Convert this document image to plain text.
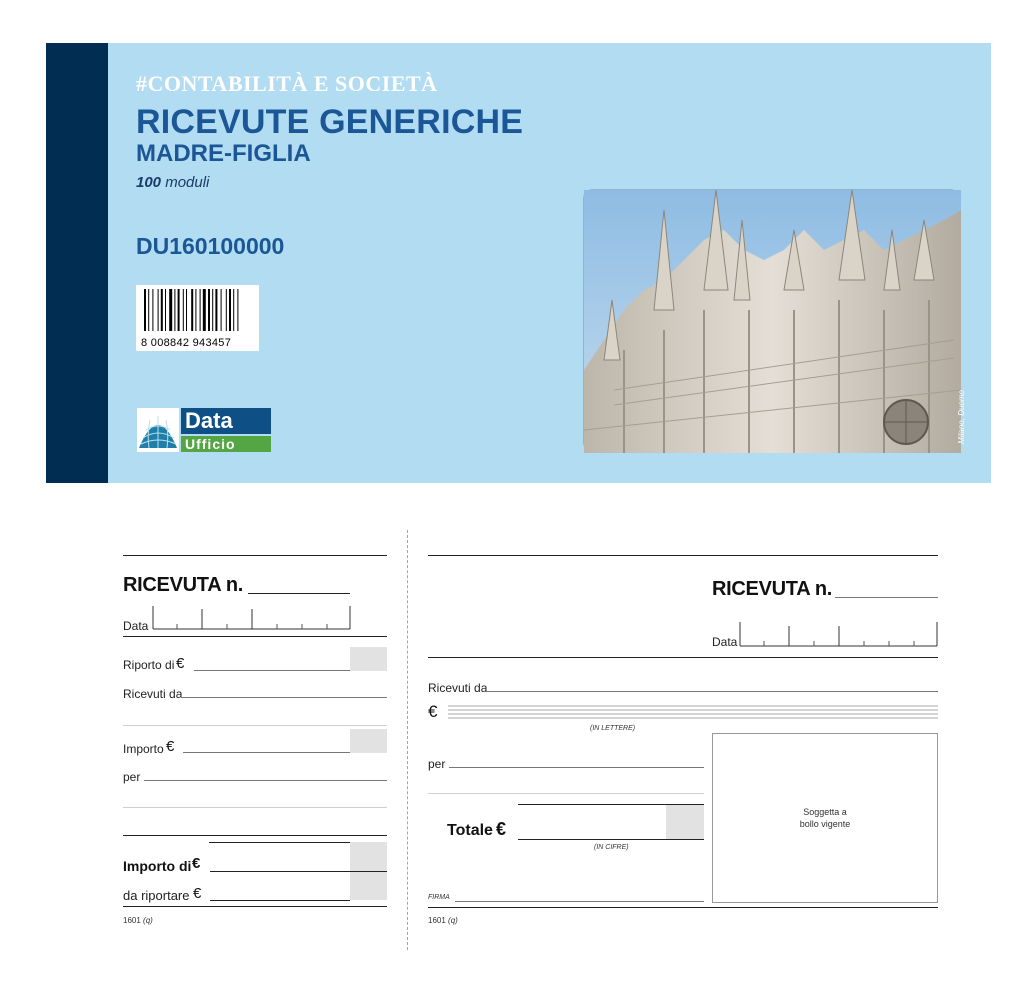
#CONTABILITÀ E SOCIETÀ
RICEVUTE GENERICHE
MADRE-FIGLIA
100 moduli
DU160100000
8 008842 943457
Data
Ufficio
Milano, Duomo
RICEVUTA n.
Data
Riporto di €
Ricevuti da
Importo €
per
Importo di €
da riportare €
1601 (q)
RICEVUTA n.
Data
Ricevuti da
€
(IN LETTERE)
per
Totale €
(IN CIFRE)
Soggetta a
bollo vigente
FIRMA
1601 (q)
